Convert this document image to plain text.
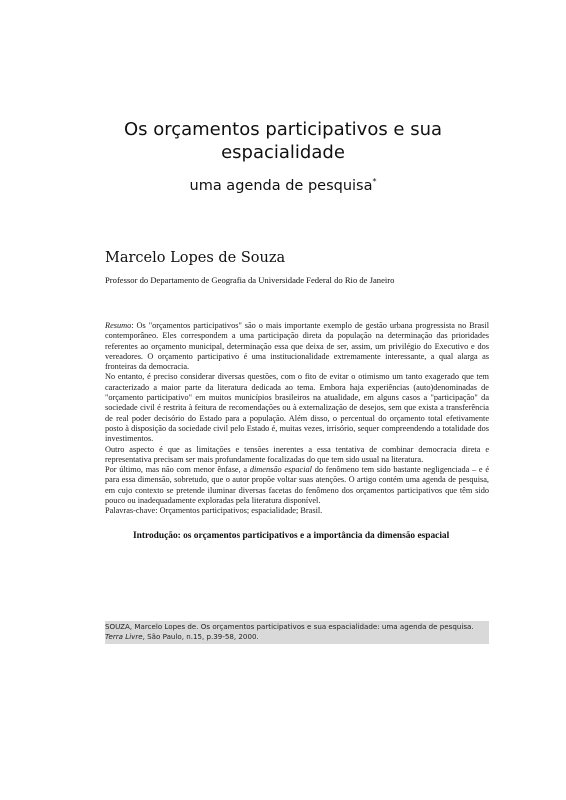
Os orçamentos participativos e sua
espacialidade
uma agenda de pesquisa*
Marcelo Lopes de Souza
Professor do Departamento de Geografia da Universidade Federal do Rio de Janeiro

Resumo: Os "orçamentos participativos" são o mais importante exemplo de gestão urbana progressista no Brasil contemporâneo. Eles correspondem a uma participação direta da população na determinação das prioridades referentes ao orçamento municipal, determinação essa que deixa de ser, assim, um privilégio do Executivo e dos vereadores. O orçamento participativo é uma institucionalidade extremamente interessante, a qual alarga as fronteiras da democracia.

No entanto, é preciso considerar diversas questões, com o fito de evitar o otimismo um tanto exagerado que tem caracterizado a maior parte da literatura dedicada ao tema. Embora haja experiências (auto)denominadas de "orçamento participativo" em muitos municípios brasileiros na atualidade, em alguns casos a "participação" da sociedade civil é restrita à feitura de recomendações ou à externalização de desejos, sem que exista a transferência de real poder decisório do Estado para a população. Além disso, o percentual do orçamento total efetivamente posto à disposição da sociedade civil pelo Estado é, muitas vezes, irrisório, sequer compreendendo a totalidade dos investimentos.

Outro aspecto é que as limitações e tensões inerentes a essa tentativa de combinar democracia direta e representativa precisam ser mais profundamente focalizadas do que tem sido usual na literatura.

Por último, mas não com menor ênfase, a dimensão espacial do fenômeno tem sido bastante negligenciada – e é para essa dimensão, sobretudo, que o autor propõe voltar suas atenções. O artigo contém uma agenda de pesquisa, em cujo contexto se pretende iluminar diversas facetas do fenômeno dos orçamentos participativos que têm sido pouco ou inadequadamente exploradas pela literatura disponível.

Palavras-chave: Orçamentos participativos; espacialidade; Brasil.

Introdução: os orçamentos participativos e a importância da dimensão espacial
SOUZA, Marcelo Lopes de. Os orçamentos participativos e sua espacialidade: uma agenda de pesquisa. Terra Livre, São Paulo, n.15, p.39-58, 2000.
